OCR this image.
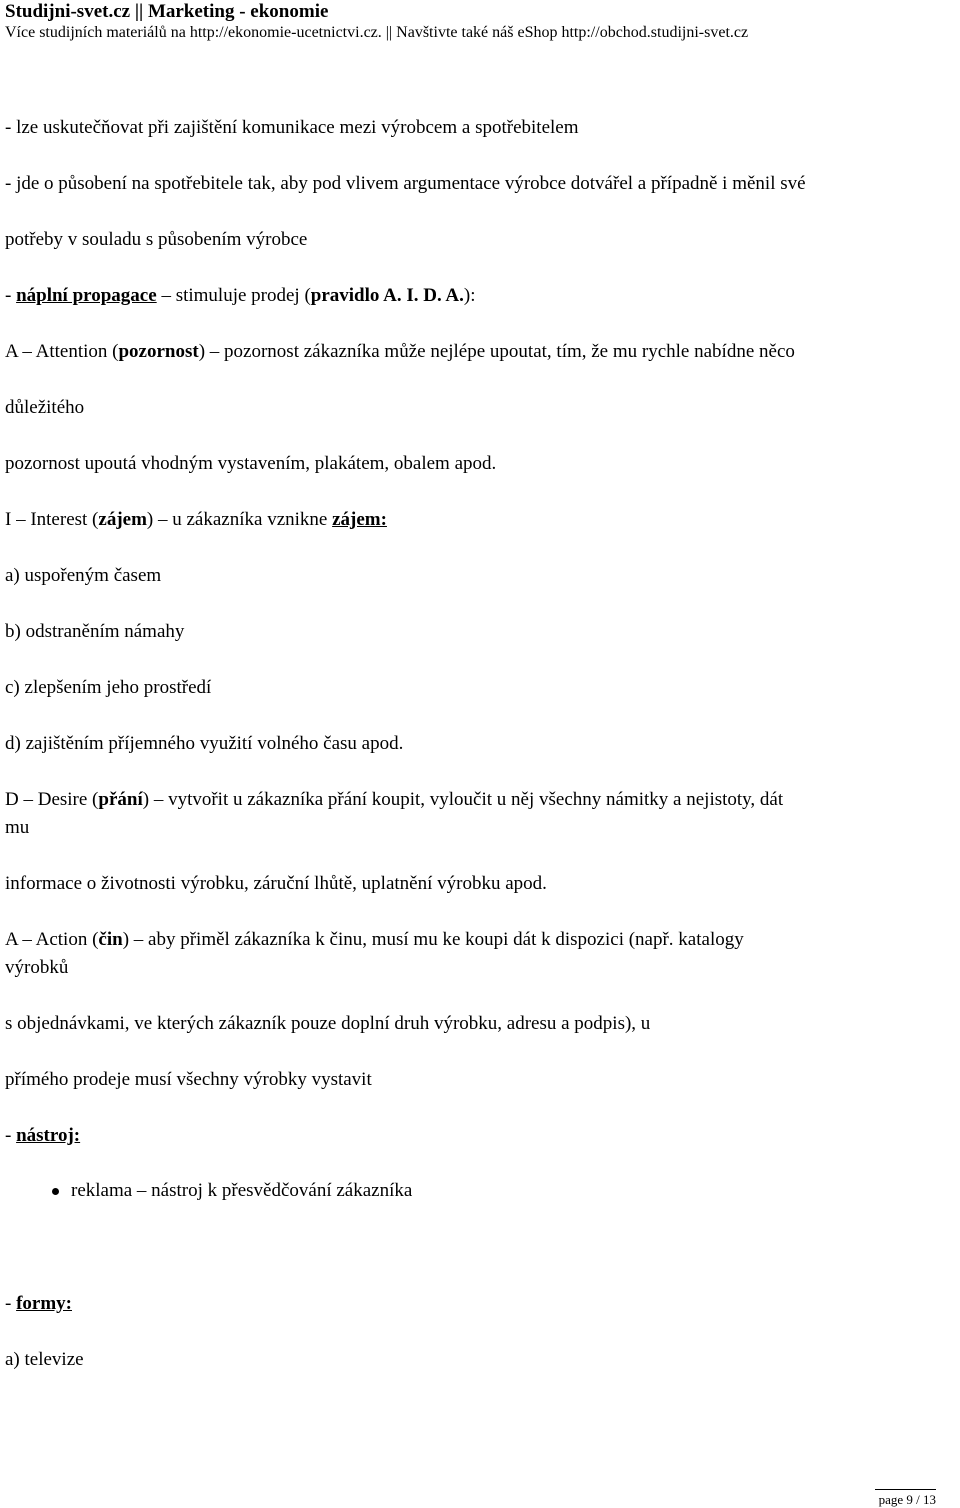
Studijni-svet.cz || Marketing - ekonomie
Více studijních materiálů na http://ekonomie-ucetnictvi.cz. || Navštivte také náš eShop http://obchod.studijni-svet.cz
- lze uskutečňovat při zajištění komunikace mezi výrobcem a spotřebitelem
- jde o působení na spotřebitele tak, aby pod vlivem argumentace výrobce dotvářel a případně i měnil své
potřeby v souladu s působením výrobce
- náplní propagace – stimuluje prodej (pravidlo A. I. D. A.):
A – Attention (pozornost) – pozornost zákazníka může nejlépe upoutat, tím, že mu rychle nabídne něco
důležitého
pozornost upoutá vhodným vystavením, plakátem, obalem apod.
I – Interest (zájem) – u zákazníka vznikne zájem:
a) uspořeným časem
b) odstraněním námahy
c) zlepšením jeho prostředí
d) zajištěním příjemného využití volného času apod.
D – Desire (přání) – vytvořit u zákazníka přání koupit, vyloučit u něj všechny námitky a nejistoty, dát
mu
informace o životnosti výrobku, záruční lhůtě, uplatnění výrobku apod.
A – Action (čin) – aby přiměl zákazníka k činu, musí mu ke koupi dát k dispozici (např. katalogy
výrobků
s objednávkami, ve kterých zákazník pouze doplní druh výrobku, adresu a podpis), u
přímého prodeje musí všechny výrobky vystavit
- nástroj:
reklama – nástroj k přesvědčování zákazníka
- formy:
a) televize
page 9 / 13
